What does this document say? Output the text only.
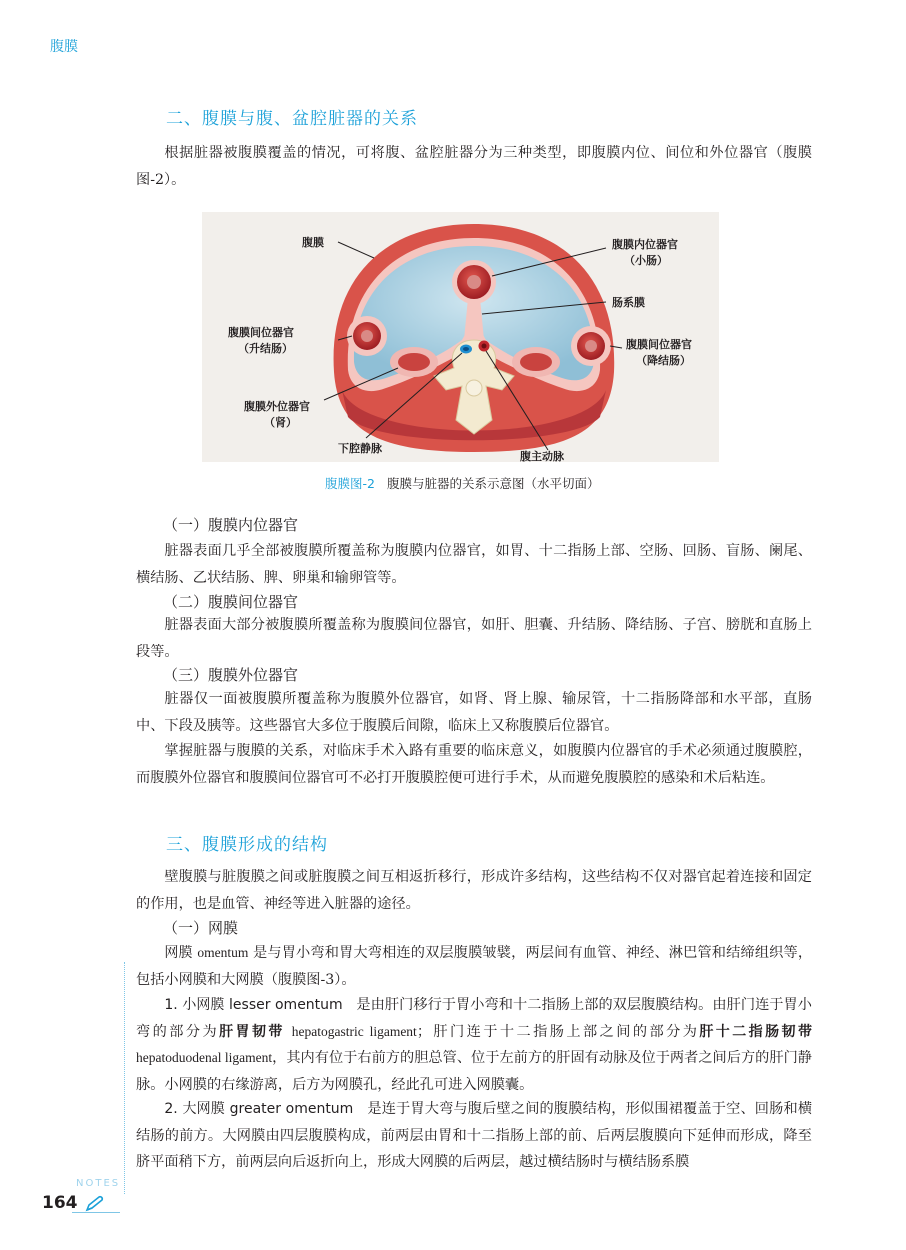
腹膜
二、腹膜与腹、盆腔脏器的关系

根据脏器被腹膜覆盖的情况，可将腹、盆腔脏器分为三种类型，即腹膜内位、间位和外位器官（腹膜图-2）。

腹膜	腹膜内位器官
（小肠）
肠系膜
腹膜间位器官
（升结肠）	腹膜间位器官
（降结肠）
腹膜外位器官
（肾）
下腔静脉
腹主动脉
腹膜图-2 腹膜与脏器的关系示意图（水平切面）
（一）腹膜内位器官

脏器表面几乎全部被腹膜所覆盖称为腹膜内位器官，如胃、十二指肠上部、空肠、回肠、盲肠、阑尾、横结肠、乙状结肠、脾、卵巢和输卵管等。

（二）腹膜间位器官

脏器表面大部分被腹膜所覆盖称为腹膜间位器官，如肝、胆囊、升结肠、降结肠、子宫、膀胱和直肠上段等。

（三）腹膜外位器官

脏器仅一面被腹膜所覆盖称为腹膜外位器官，如肾、肾上腺、输尿管，十二指肠降部和水平部，直肠中、下段及胰等。这些器官大多位于腹膜后间隙，临床上又称腹膜后位器官。

掌握脏器与腹膜的关系，对临床手术入路有重要的临床意义，如腹膜内位器官的手术必须通过腹膜腔，而腹膜外位器官和腹膜间位器官可不必打开腹膜腔便可进行手术，从而避免腹膜腔的感染和术后粘连。

三、腹膜形成的结构

壁腹膜与脏腹膜之间或脏腹膜之间互相返折移行，形成许多结构，这些结构不仅对器官起着连接和固定的作用，也是血管、神经等进入脏器的途径。

（一）网膜

网膜 omentum 是与胃小弯和胃大弯相连的双层腹膜皱襞，两层间有血管、神经、淋巴管和结缔组织等，包括小网膜和大网膜（腹膜图-3）。

1. 小网膜 lesser omentum 是由肝门移行于胃小弯和十二指肠上部的双层腹膜结构。由肝门连于胃小弯的部分为肝胃韧带 hepatogastric ligament；肝门连于十二指肠上部之间的部分为肝十二指肠韧带 hepatoduodenal ligament，其内有位于右前方的胆总管、位于左前方的肝固有动脉及位于两者之间后方的肝门静脉。小网膜的右缘游离，后方为网膜孔，经此孔可进入网膜囊。

2. 大网膜 greater omentum 是连于胃大弯与腹后壁之间的腹膜结构，形似围裙覆盖于空、回肠和横结肠的前方。大网膜由四层腹膜构成，前两层由胃和十二指肠上部的前、后两层腹膜向下延伸而形成，降至脐平面稍下方，前两层向后返折向上，形成大网膜的后两层，越过横结肠时与横结肠系膜

NOTES
164
